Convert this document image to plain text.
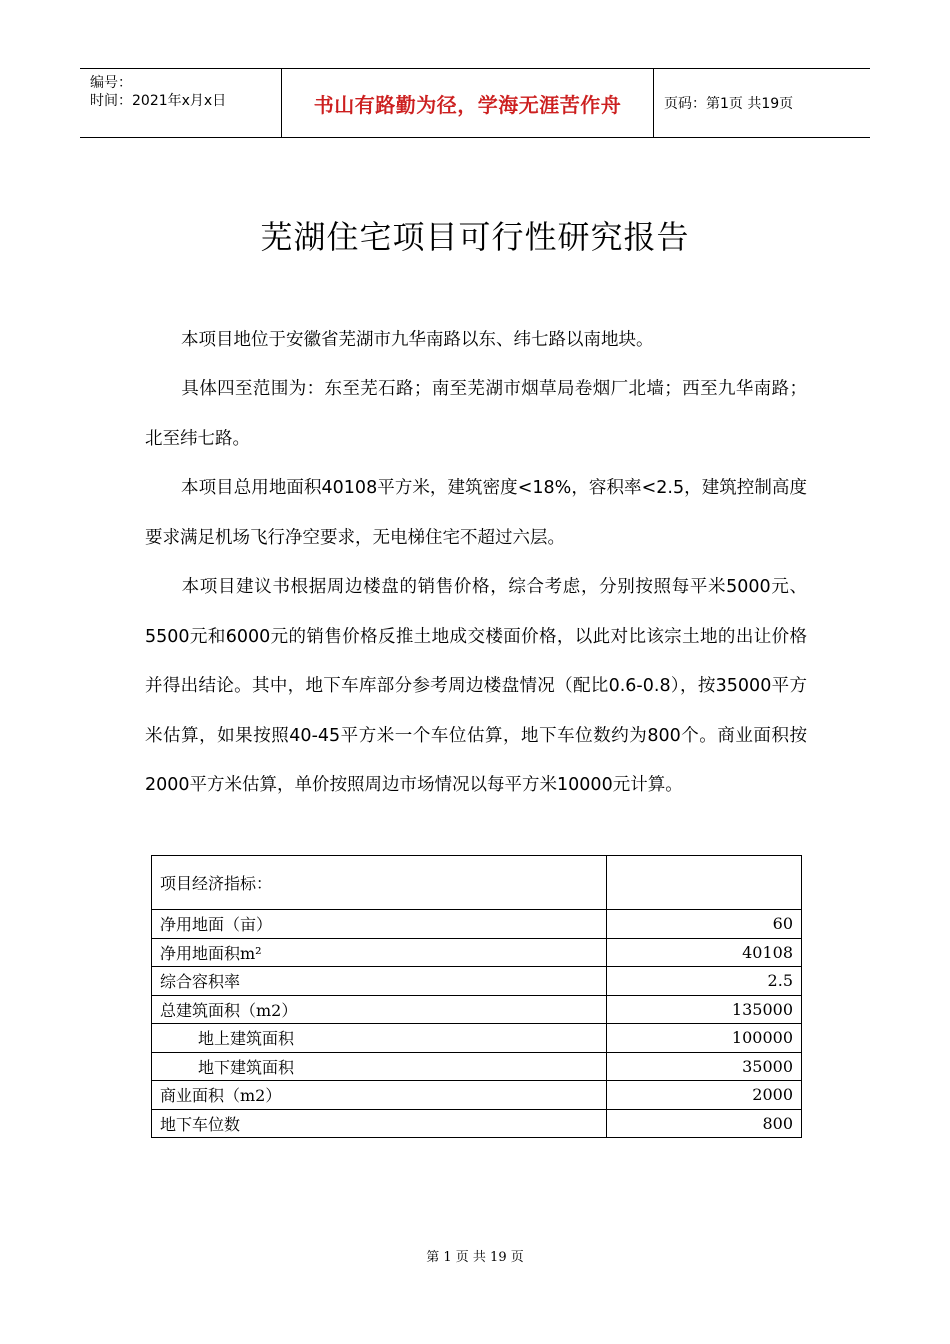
编号：
时间：2021年x月x日	书山有路勤为径，学海无涯苦作舟	页码：第1页 共19页
芜湖住宅项目可行性研究报告
本项目地位于安徽省芜湖市九华南路以东、纬七路以南地块。
具体四至范围为：东至芜石路；南至芜湖市烟草局卷烟厂北墙；西至九华南路；北至纬七路。
本项目总用地面积40108平方米，建筑密度<18%，容积率<2.5，建筑控制高度要求满足机场飞行净空要求，无电梯住宅不超过六层。
本项目建议书根据周边楼盘的销售价格，综合考虑，分别按照每平米5000元、5500元和6000元的销售价格反推土地成交楼面价格，以此对比该宗土地的出让价格并得出结论。其中，地下车库部分参考周边楼盘情况（配比0.6-0.8），按35000平方米估算，如果按照40-45平方米一个车位估算，地下车位数约为800个。商业面积按2000平方米估算，单价按照周边市场情况以每平方米10000元计算。
项目经济指标：	
净用地面（亩）	60
净用地面积m²	40108
综合容积率	2.5
总建筑面积（m2）	135000
地上建筑面积	100000
地下建筑面积	35000
商业面积（m2）	2000
地下车位数	800
第 1 页 共 19 页
